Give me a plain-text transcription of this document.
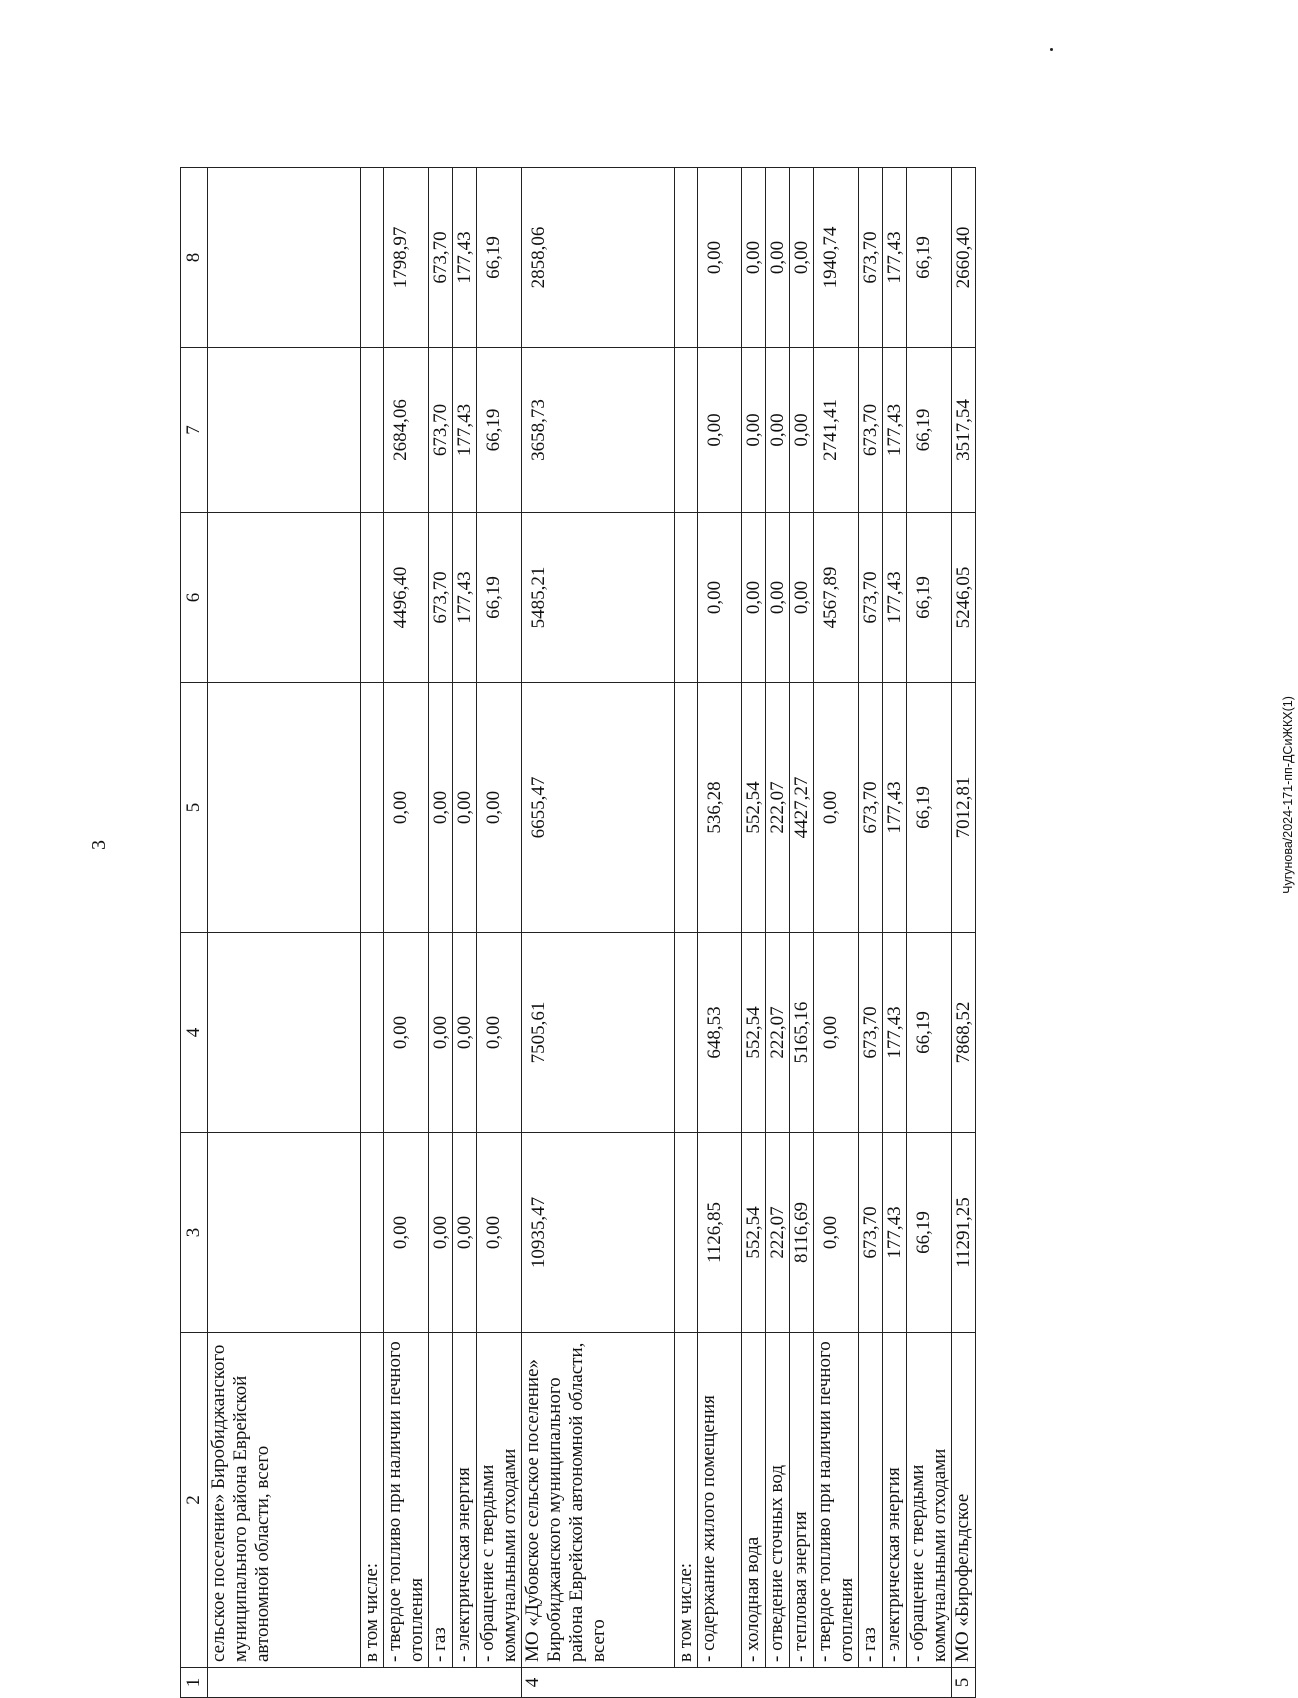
3	Чугунова/2024-171-пп-ДСиЖКХ(1)
1	2	3	4	5	6	7	8
	сельское поселение» Биробиджанского муниципального района Еврейской автономной области, всего						
	в том числе:						
	- твердое топливо при наличии печного отопления	0,00	0,00	0,00	4496,40	2684,06	1798,97
	- газ	0,00	0,00	0,00	673,70	673,70	673,70
	- электрическая энергия	0,00	0,00	0,00	177,43	177,43	177,43
	- обращение с твердыми коммунальными отходами	0,00	0,00	0,00	66,19	66,19	66,19
4	МО «Дубовское сельское поселение» Биробиджанского муниципального района Еврейской автономной области, всего	10935,47	7505,61	6655,47	5485,21	3658,73	2858,06
	в том числе:						
	- содержание жилого помещения	1126,85	648,53	536,28	0,00	0,00	0,00
	- холодная вода	552,54	552,54	552,54	0,00	0,00	0,00
	- отведение сточных вод	222,07	222,07	222,07	0,00	0,00	0,00
	- тепловая энергия	8116,69	5165,16	4427,27	0,00	0,00	0,00
	- твердое топливо при наличии печного отопления	0,00	0,00	0,00	4567,89	2741,41	1940,74
	- газ	673,70	673,70	673,70	673,70	673,70	673,70
	- электрическая энергия	177,43	177,43	177,43	177,43	177,43	177,43
	- обращение с твердыми коммунальными отходами	66,19	66,19	66,19	66,19	66,19	66,19
5	МО «Бирофельдское	11291,25	7868,52	7012,81	5246,05	3517,54	2660,40
